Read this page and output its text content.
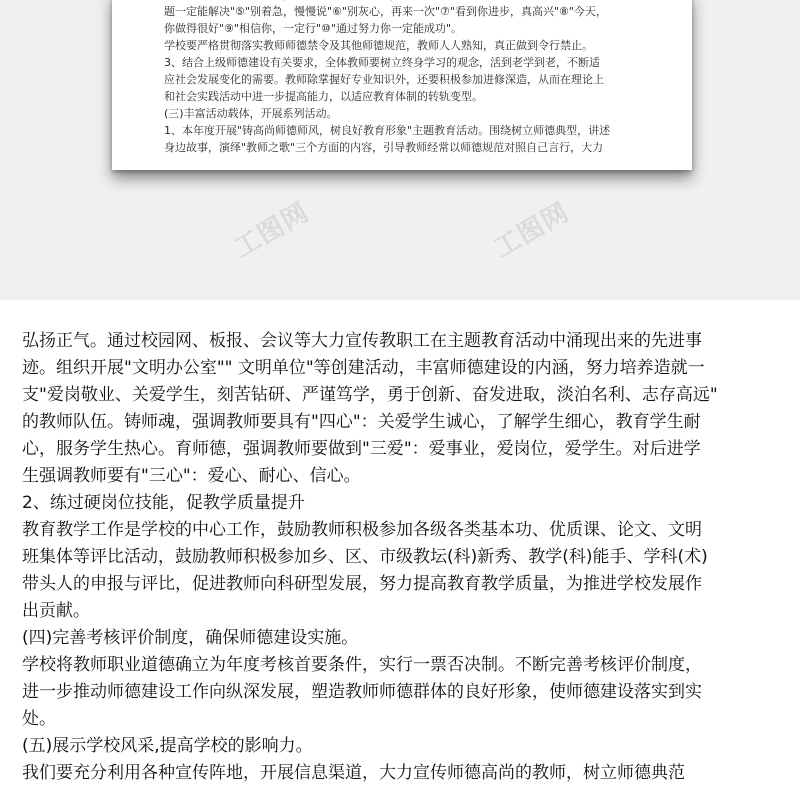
题一定能解决"⑤"别着急，慢慢说"⑥"别灰心，再来一次"⑦"看到你进步，真高兴"⑧"今天，
你做得很好"⑨"相信你，一定行"⑩"通过努力你一定能成功"。
学校要严格贯彻落实教师师德禁令及其他师德规范，教师人人熟知，真正做到令行禁止。
3、结合上级师德建设有关要求，全体教师要树立终身学习的观念，活到老学到老，不断适
应社会发展变化的需要。教师除掌握好专业知识外，还要积极参加进修深造，从而在理论上
和社会实践活动中进一步提高能力，以适应教育体制的转轨变型。
(三)丰富活动载体，开展系列活动。
1、本年度开展"铸高尚师德师风，树良好教育形象"主题教育活动。围绕树立师德典型，讲述
身边故事，演绎"教师之歌"三个方面的内容，引导教师经常以师德规范对照自己言行，大力
工图网	工图网
弘扬正气。通过校园网、板报、会议等大力宣传教职工在主题教育活动中涌现出来的先进事
迹。组织开展"文明办公室"" 文明单位"等创建活动，丰富师德建设的内涵，努力培养造就一
支"爱岗敬业、关爱学生，刻苦钻研、严谨笃学，勇于创新、奋发进取，淡泊名利、志存高远"
的教师队伍。铸师魂，强调教师要具有"四心"：关爱学生诚心，了解学生细心，教育学生耐
心，服务学生热心。育师德，强调教师要做到"三爱"：爱事业，爱岗位，爱学生。对后进学
生强调教师要有"三心"：爱心、耐心、信心。
2、练过硬岗位技能，促教学质量提升
教育教学工作是学校的中心工作，鼓励教师积极参加各级各类基本功、优质课、论文、文明
班集体等评比活动，鼓励教师积极参加乡、区、市级教坛(科)新秀、教学(科)能手、学科(术)
带头人的申报与评比，促进教师向科研型发展，努力提高教育教学质量，为推进学校发展作
出贡献。
(四)完善考核评价制度，确保师德建设实施。
学校将教师职业道德确立为年度考核首要条件，实行一票否决制。不断完善考核评价制度，
进一步推动师德建设工作向纵深发展，塑造教师师德群体的良好形象，使师德建设落实到实
处。
(五)展示学校风采,提高学校的影响力。
我们要充分利用各种宣传阵地，开展信息渠道，大力宣传师德高尚的教师，树立师德典范
